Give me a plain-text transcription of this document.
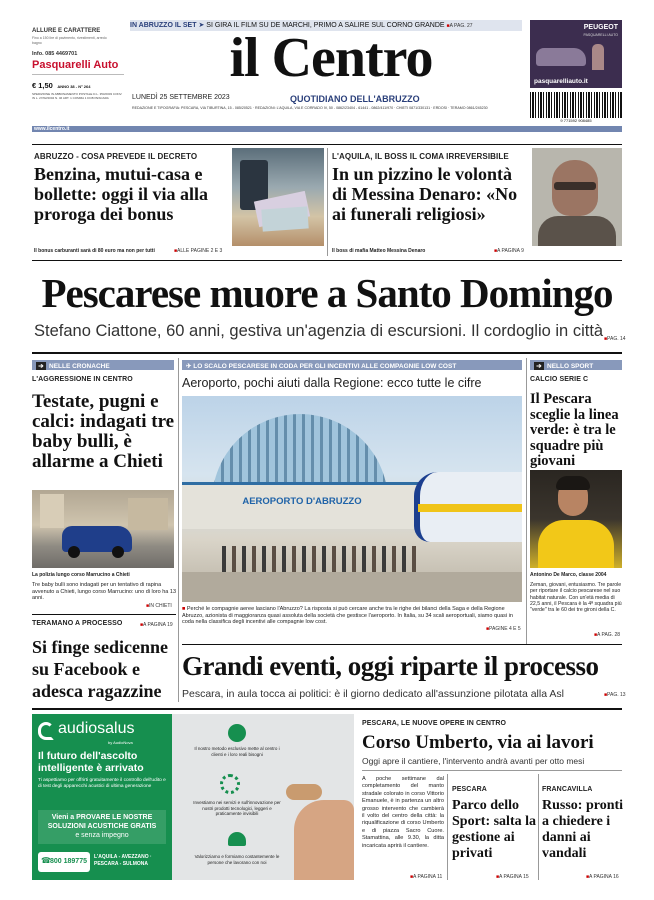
ALLURE E CARATTERE
Fino a 150 lire di pavimento, rivestimenti, arredo bagno
Info. 085 4469701
Pasquarelli Auto
€ 1,50 ANNO 38 - N° 264
SPEDIZIONE IN ABBONAMENTO POSTALE D.L. 353/2003 CONV. IN L. 27/02/2004 N. 46 ART. 1 COMMA 1 DCB PESCARA
www.ilcentro.it
IN ABRUZZO IL SET ➤ SI GIRA IL FILM SU DE MARCHI, PRIMO A SALIRE SUL CORNO GRANDE ■ A PAG. 27
il Centro
LUNEDÌ 25 SETTEMBRE 2023	QUOTIDIANO DELL'ABRUZZO
REDAZIONE E TIPOGRAFIA: PESCARA, VIA TIBURTINA, 15 - 085/20521 · REDAZIONI: L'AQUILA, VIA E CORRADO IV, 50 - 0862/23404 - 61441 - 0862/411/970 · CHIETI 0871/330131 · ERDOSI · TERAMO 0861/245230
PEUGEOT
PASQUARELLI AUTO
pasquarelliauto.it
9 771592 908485
ABRUZZO - COSA PREVEDE IL DECRETO
Benzina, mutui-casa e bollette: oggi il via alla proroga dei bonus
Il bonus carburanti sarà di 80 euro ma non per tutti	■ ALLE PAGINE 2 E 3
L'AQUILA, IL BOSS IL COMA IRREVERSIBILE
In un pizzino le volontà di Messina Denaro: «No ai funerali religiosi»
Il boss di mafia Matteo Messina Denaro	■ A PAGINA 9
Pescarese muore a Santo Domingo
Stefano Ciattone, 60 anni, gestiva un'agenzia di escursioni. Il cordoglio in città ■ PAG. 14
➔ NELLE CRONACHE
L'AGGRESSIONE IN CENTRO
Testate, pugni e calci: indagati tre baby bulli, è allarme a Chieti
La polizia lungo corso Marrucino a Chieti
Tre baby bulli sono indagati per un tentativo di rapina avvenuto a Chieti, lungo corso Marrucino: uno di loro ha 13 anni.
■ IN CHIETI
TERAMANO A PROCESSO	■ A PAGINA 19
Si finge sedicenne su Facebook e adesca ragazzine
✈ LO SCALO PESCARESE IN CODA PER GLI INCENTIVI ALLE COMPAGNIE LOW COST
Aeroporto, pochi aiuti dalla Regione: ecco tutte le cifre
AEROPORTO D'ABRUZZO
■ Perché le compagnie aeree lasciano l'Abruzzo? La risposta si può cercare anche tra le righe dei bilanci della Saga e della Regione Abruzzo, azionista di maggioranza quasi assoluta della società che gestisce l'aeroporto. In Italia, su 34 scali aeroportuali, siamo quasi in coda nella classifica degli incentivi alle compagnie low cost.
■ PAGINE 4 E 5
➔ NELLO SPORT
CALCIO SERIE C
Il Pescara sceglie la linea verde: è tra le squadre più giovani
Antonino De Marco, classe 2004
Zeman, giovani, entusiasmo. Tre parole per riportare il calcio pescarese nel suo habitat naturale. Con un'età media di 22,5 anni, il Pescara è la 4ª squadra più "verde" tra le 60 dei tre gironi della C.
■ A PAG. 28
Grandi eventi, oggi riparte il processo
Pescara, in aula tocca ai politici: è il giorno dedicato all'assunzione pilotata alla Asl	■ PAG. 13
audiosalus
by AudioNova
Il futuro dell'ascolto intelligente è arrivato
Ti aspettiamo per offrirti gratuitamente il controllo dell'udito e di test degli apparecchi acustici di ultima generazione
Vieni a PROVARE LE NOSTRE
SOLUZIONI ACUSTICHE GRATIS
e senza impegno
☎ 800 189775
L'AQUILA - AVEZZANO · PESCARA - SULMONA
Il nostro metodo esclusivo mette al centro i clienti e i loro reali bisogni
Investiamo nei servizi e sull'innovazione per nostri prodotti tecnologici, leggeri e praticamente invisibili
Valorizziamo e formiamo costantemente le persone che lavorano con noi
PESCARA, LE NUOVE OPERE IN CENTRO
Corso Umberto, via ai lavori
Oggi apre il cantiere, l'intervento andrà avanti per otto mesi
A poche settimane dal completamento del manto stradale colorato in corso Vittorio Emanuele, è in partenza un altro grosso intervento che cambierà il volto del centro della città: la riqualificazione di corso Umberto e di piazza Sacro Cuore. Stamattina, alle 9.30, la ditta incaricata aprirà il cantiere.
■ A PAGINA 11
PESCARA
Parco dello Sport: salta la gestione ai privati
■ A PAGINA 15
FRANCAVILLA
Russo: pronti a chiedere i danni ai vandali
■ A PAGINA 16
